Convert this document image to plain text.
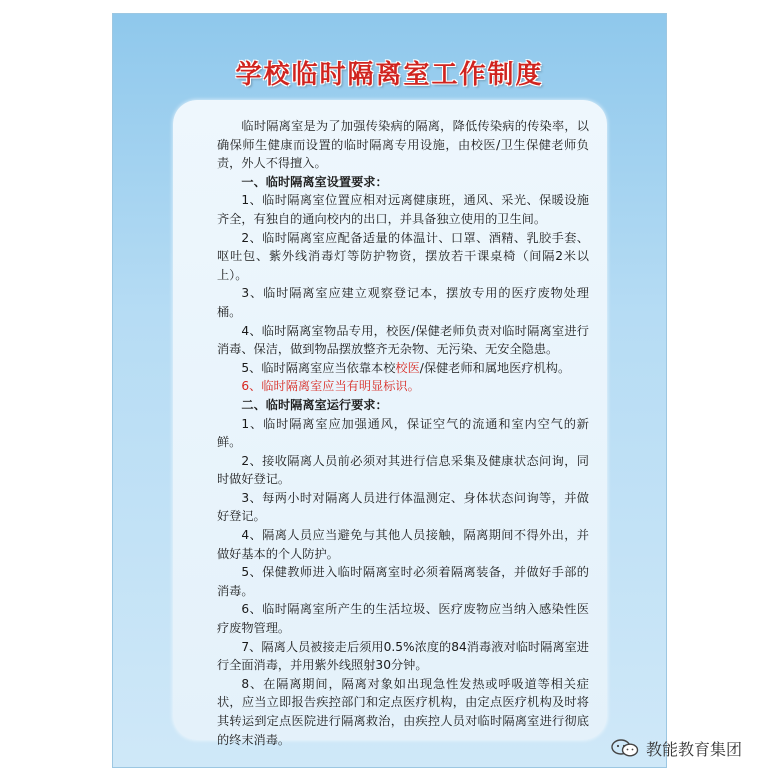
学校临时隔离室工作制度

临时隔离室是为了加强传染病的隔离，降低传染病的传染率，以确保师生健康而设置的临时隔离专用设施，由校医/卫生保健老师负责，外人不得擅入。

一、临时隔离室设置要求：

1、临时隔离室位置应相对远离健康班，通风、采光、保暖设施齐全，有独自的通向校内的出口，并具备独立使用的卫生间。

2、临时隔离室应配备适量的体温计、口罩、酒精、乳胶手套、呕吐包、紫外线消毒灯等防护物资，摆放若干课桌椅（间隔2米以上）。

3、临时隔离室应建立观察登记本，摆放专用的医疗废物处理桶。

4、临时隔离室物品专用，校医/保健老师负责对临时隔离室进行消毒、保洁，做到物品摆放整齐无杂物、无污染、无安全隐患。

5、临时隔离室应当依靠本校校医/保健老师和属地医疗机构。

6、临时隔离室应当有明显标识。

二、临时隔离室运行要求：

1、临时隔离室应加强通风，保证空气的流通和室内空气的新鲜。

2、接收隔离人员前必须对其进行信息采集及健康状态问询，同时做好登记。

3、每两小时对隔离人员进行体温测定、身体状态问询等，并做好登记。

4、隔离人员应当避免与其他人员接触，隔离期间不得外出，并做好基本的个人防护。

5、保健教师进入临时隔离室时必须着隔离装备，并做好手部的消毒。

6、临时隔离室所产生的生活垃圾、医疗废物应当纳入感染性医疗废物管理。

7、隔离人员被接走后须用0.5%浓度的84消毒液对临时隔离室进行全面消毒，并用紫外线照射30分钟。

8、在隔离期间，隔离对象如出现急性发热或呼吸道等相关症状，应当立即报告疾控部门和定点医疗机构，由定点医疗机构及时将其转运到定点医院进行隔离救治，由疾控人员对临时隔离室进行彻底的终末消毒。	教能教育集团
